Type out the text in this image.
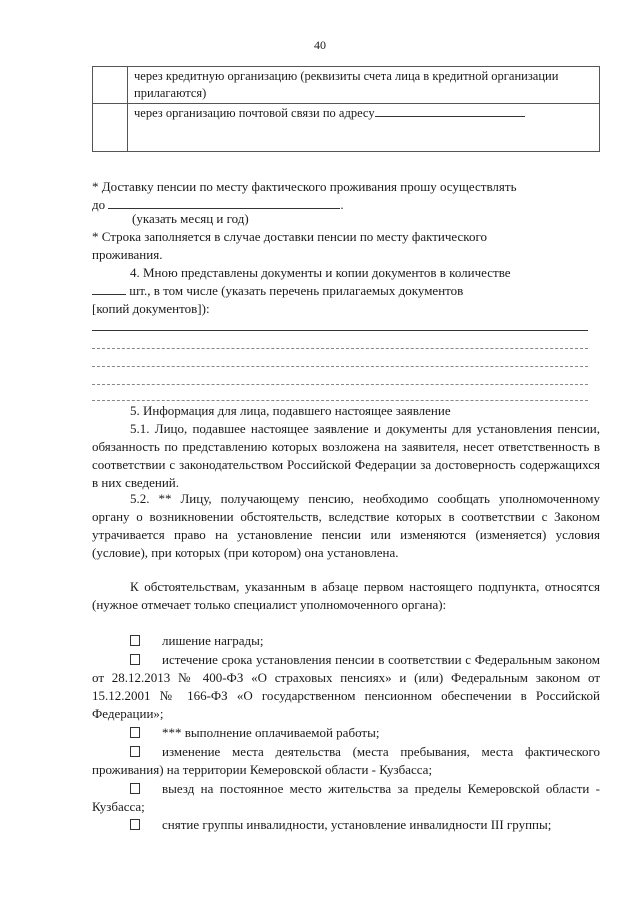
40
	через кредитную организацию (реквизиты счета лица в кредитной организации прилагаются)
	через организацию почтовой связи по адресу

* Доставку пенсии по месту фактического проживания прошу осуществлять
до	.

(указать месяц и год)

* Строка заполняется в случае доставки пенсии по месту фактического
проживания.

4. Мною представлены документы и копии документов в количестве

шт., в том числе (указать перечень прилагаемых документов

[копий документов]):

5. Информация для лица, подавшего настоящее заявление

5.1. Лицо, подавшее настоящее заявление и документы для установления пенсии, обязанность по представлению которых возложена на заявителя, несет ответственность в соответствии с законодательством Российской Федерации за достоверность содержащихся в них сведений.

5.2. ** Лицу, получающему пенсию, необходимо сообщать уполномоченному органу о возникновении обстоятельств, вследствие которых в соответствии с Законом утрачивается право на установление пенсии или изменяются (изменяется) условия (условие), при которых (при котором) она установлена.

К обстоятельствам, указанным в абзаце первом настоящего подпункта, относятся (нужное отмечает только специалист уполномоченного органа):

лишение награды;

истечение срока установления пенсии в соответствии с Федеральным законом от 28.12.2013 № 400-ФЗ «О страховых пенсиях» и (или) Федеральным законом от 15.12.2001 № 166-ФЗ «О государственном пенсионном обеспечении в Российской Федерации»;

*** выполнение оплачиваемой работы;

изменение места деятельства (места пребывания, места фактического проживания) на территории Кемеровской области - Кузбасса;

выезд на постоянное место жительства за пределы Кемеровской области - Кузбасса;

снятие группы инвалидности, установление инвалидности III группы;
